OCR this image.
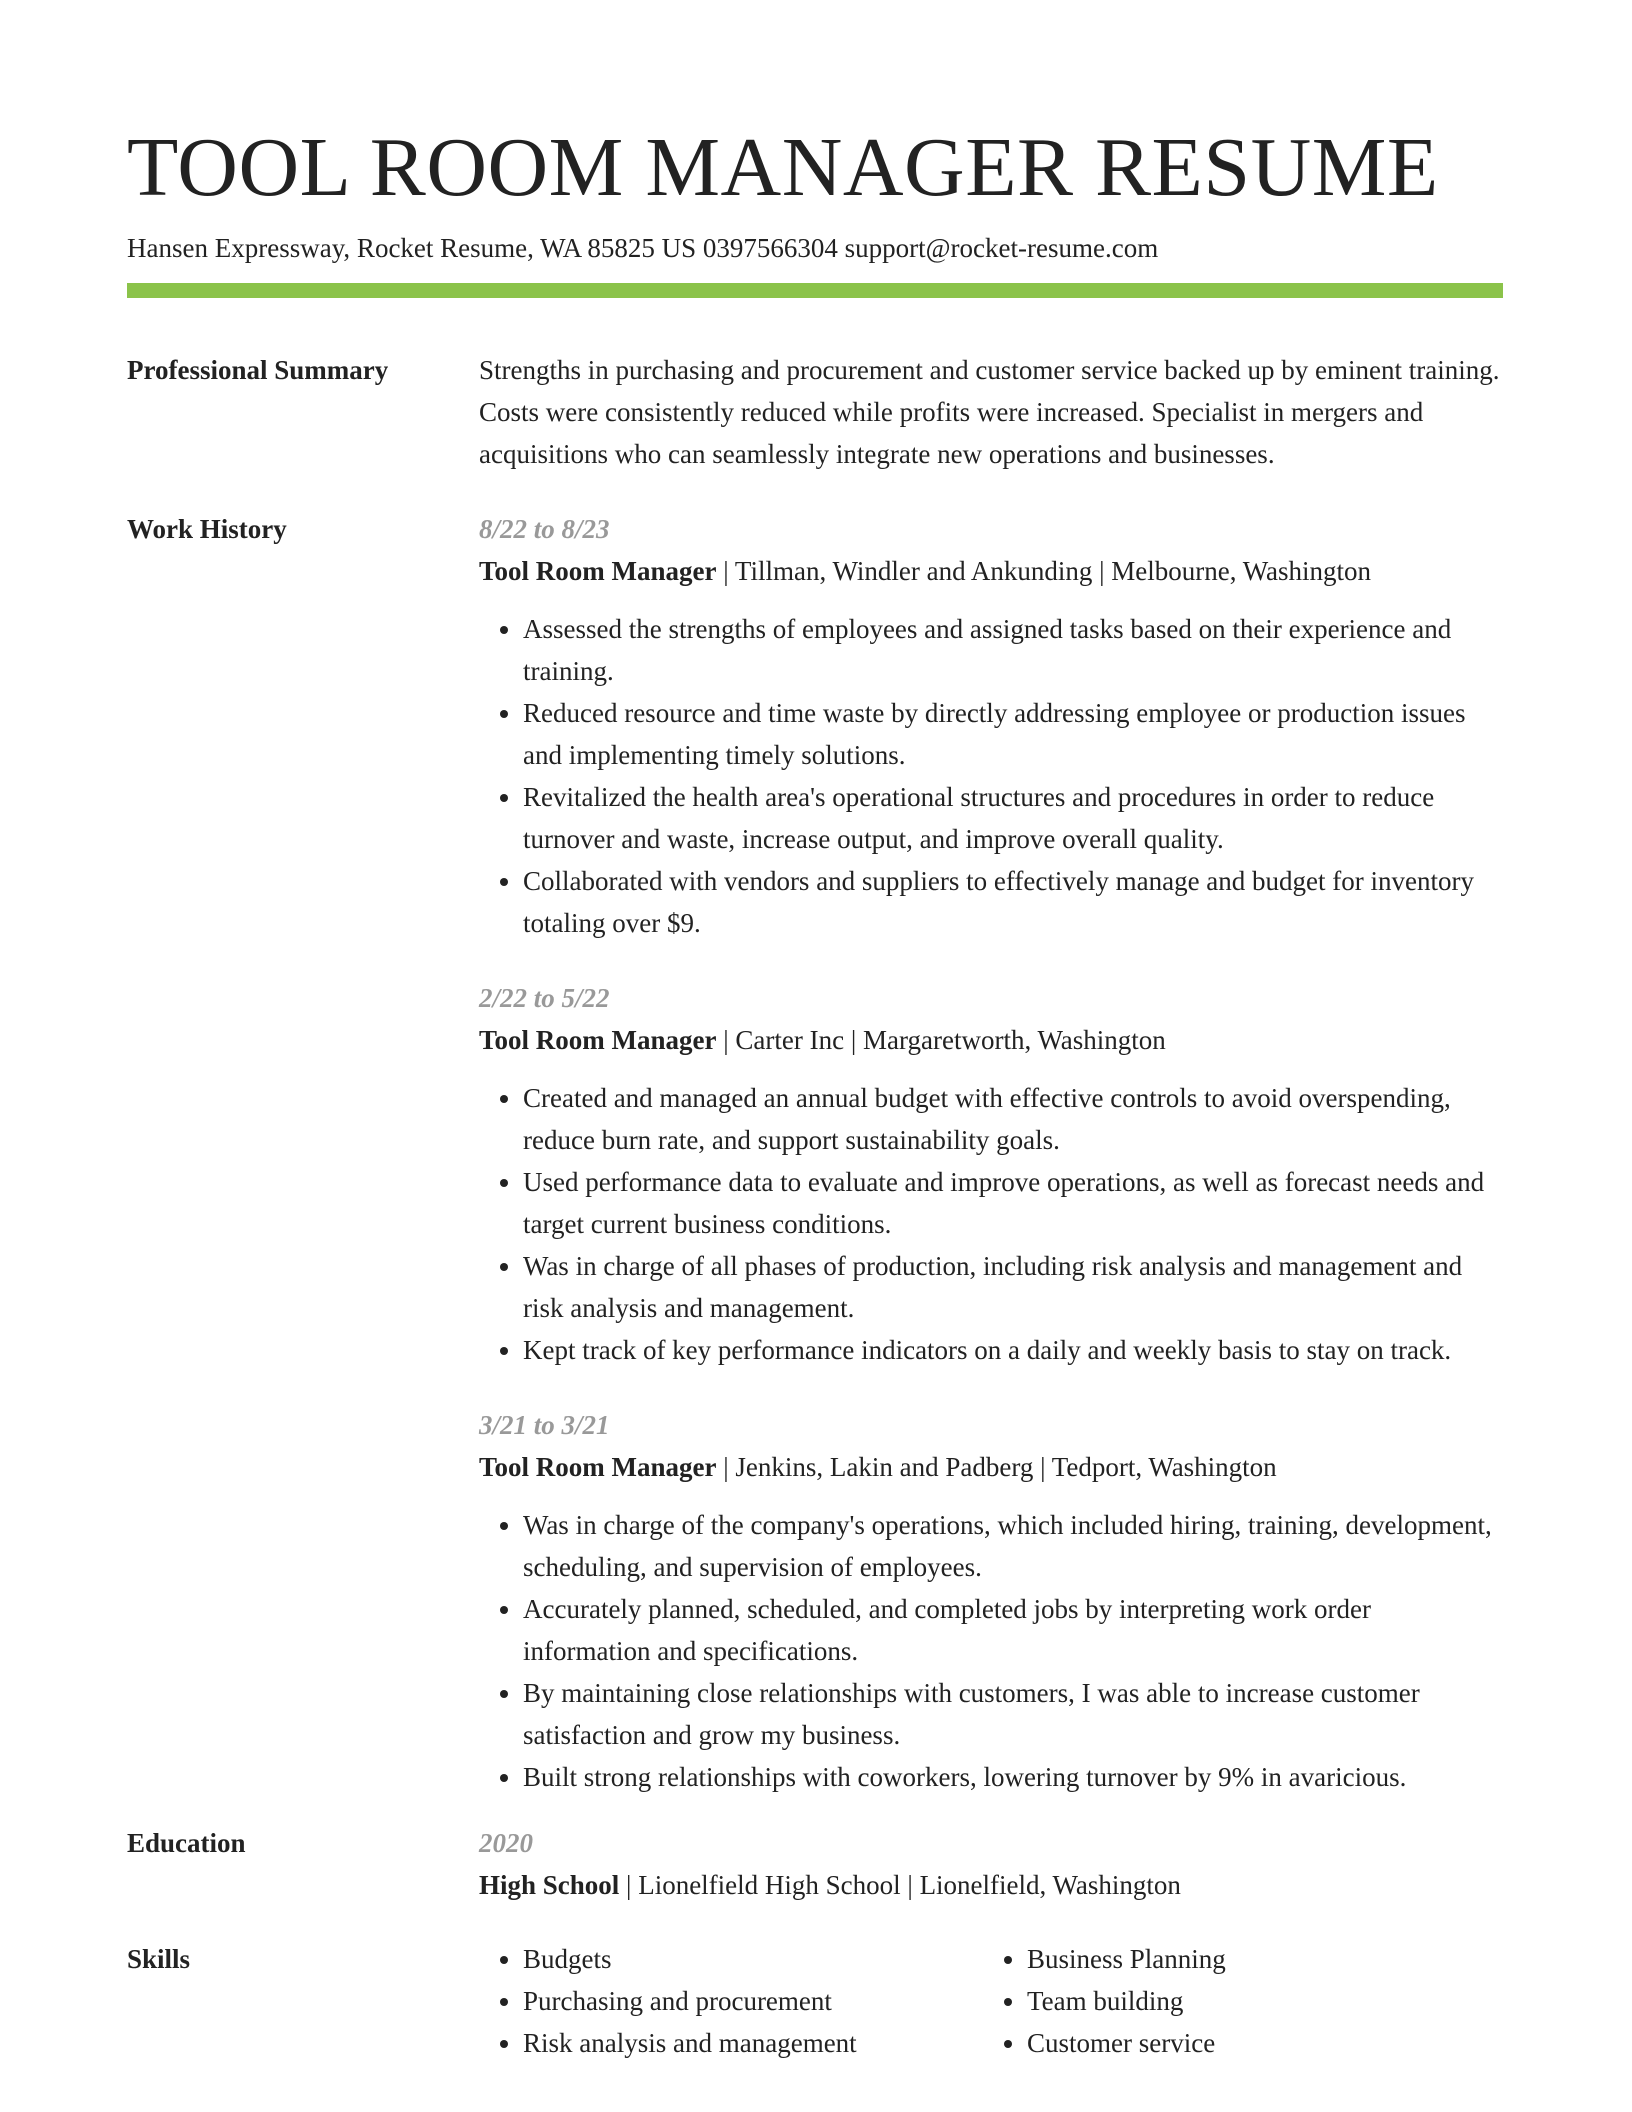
TOOL ROOM MANAGER RESUME
Hansen Expressway, Rocket Resume, WA 85825 US 0397566304 support@rocket-resume.com
Professional Summary	Strengths in purchasing and procurement and customer service backed up by eminent training. Costs were consistently reduced while profits were increased. Specialist in mergers and acquisitions who can seamlessly integrate new operations and businesses.
Work History	8/22 to 8/23
Tool Room Manager | Tillman, Windler and Ankunding | Melbourne, Washington
• Assessed the strengths of employees and assigned tasks based on their experience and training.
• Reduced resource and time waste by directly addressing employee or production issues and implementing timely solutions.
• Revitalized the health area's operational structures and procedures in order to reduce turnover and waste, increase output, and improve overall quality.
• Collaborated with vendors and suppliers to effectively manage and budget for inventory totaling over $9.
2/22 to 5/22
Tool Room Manager | Carter Inc | Margaretworth, Washington
• Created and managed an annual budget with effective controls to avoid overspending, reduce burn rate, and support sustainability goals.
• Used performance data to evaluate and improve operations, as well as forecast needs and target current business conditions.
• Was in charge of all phases of production, including risk analysis and management and risk analysis and management.
• Kept track of key performance indicators on a daily and weekly basis to stay on track.
3/21 to 3/21
Tool Room Manager | Jenkins, Lakin and Padberg | Tedport, Washington
• Was in charge of the company's operations, which included hiring, training, development, scheduling, and supervision of employees.
• Accurately planned, scheduled, and completed jobs by interpreting work order information and specifications.
• By maintaining close relationships with customers, I was able to increase customer satisfaction and grow my business.
• Built strong relationships with coworkers, lowering turnover by 9% in avaricious.
Education	2020
High School | Lionelfield High School | Lionelfield, Washington
Skills
•	Budgets
• Purchasing and procurement
• Risk analysis and management
• Business Planning
• Team building
• Customer service
